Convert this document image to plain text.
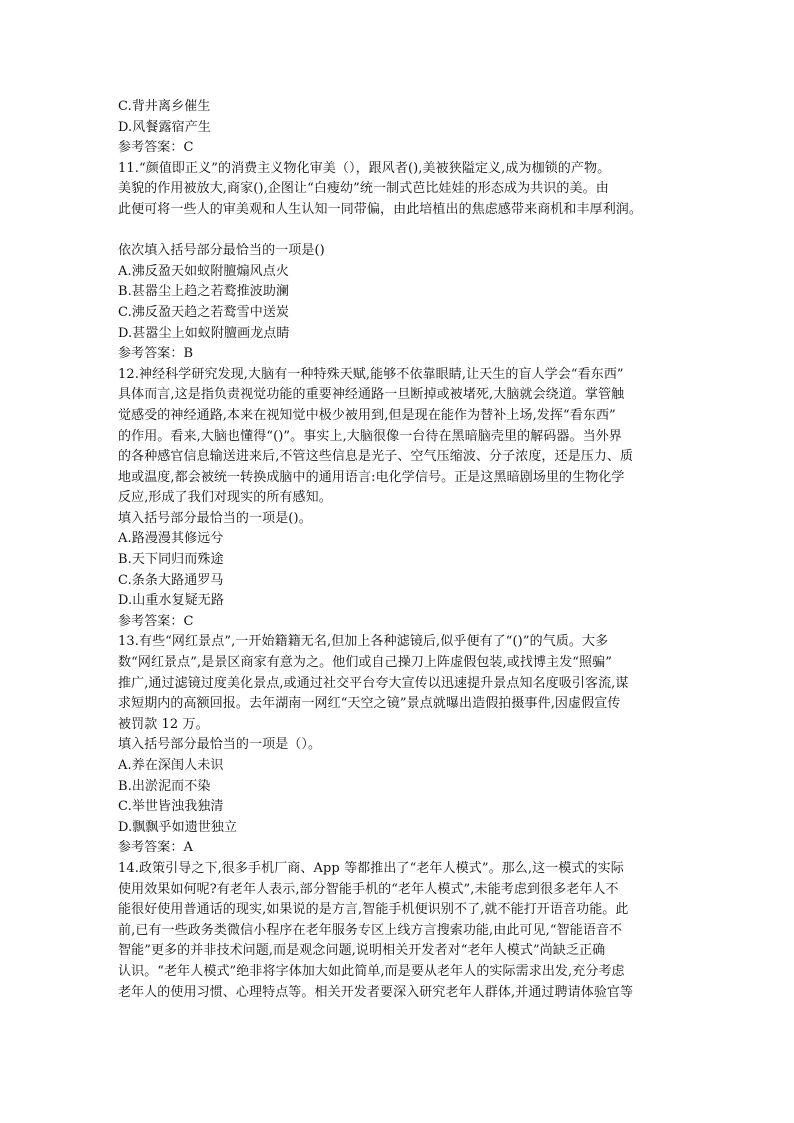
C.背井离乡催生
D.风餐露宿产生
参考答案：C
11.“颜值即正义”的消费主义物化审美（），跟风者(),美被狭隘定义,成为枷锁的产物。
美貌的作用被放大,商家(),企图让“白瘦幼”统一制式芭比娃娃的形态成为共识的美。由
此便可将一些人的审美观和人生认知一同带偏，由此培植出的焦虑感带来商机和丰厚利润。
依次填入括号部分最恰当的一项是()
A.沸反盈天如蚁附膻煽风点火
B.甚嚣尘上趋之若鹜推波助澜
C.沸反盈天趋之若鹜雪中送炭
D.甚嚣尘上如蚁附膻画龙点睛
参考答案：B
12.神经科学研究发现,大脑有一种特殊天赋,能够不依靠眼睛,让天生的盲人学会“看东西”
具体而言,这是指负责视觉功能的重要神经通路一旦断掉或被堵死,大脑就会绕道。掌管触
觉感受的神经通路,本来在视知觉中极少被用到,但是现在能作为替补上场,发挥“看东西”
的作用。看来,大脑也懂得“()”。事实上,大脑很像一台待在黑暗脑壳里的解码器。当外界
的各种感官信息输送进来后,不管这些信息是光子、空气压缩波、分子浓度，还是压力、质
地或温度,都会被统一转换成脑中的通用语言:电化学信号。正是这黑暗剧场里的生物化学
反应,形成了我们对现实的所有感知。
填入括号部分最恰当的一项是()。
A.路漫漫其修远兮
B.天下同归而殊途
C.条条大路通罗马
D.山重水复疑无路
参考答案：C
13.有些“网红景点”,一开始籍籍无名,但加上各种滤镜后,似乎便有了“()”的气质。大多
数“网红景点”,是景区商家有意为之。他们或自己操刀上阵虚假包装,或找博主发“照骗”
推广,通过滤镜过度美化景点,或通过社交平台夸大宣传以迅速提升景点知名度吸引客流,谋
求短期内的高额回报。去年湖南一网红“天空之镜”景点就曝出造假拍摄事件,因虚假宣传
被罚款 12 万。
填入括号部分最恰当的一项是（）。
A.养在深闺人未识
B.出淤泥而不染
C.举世皆浊我独清
D.飘飘乎如遗世独立
参考答案：A
14.政策引导之下,很多手机厂商、App 等都推出了“老年人模式”。那么,这一模式的实际
使用效果如何呢?有老年人表示,部分智能手机的“老年人模式”,未能考虑到很多老年人不
能很好使用普通话的现实,如果说的是方言,智能手机便识别不了,就不能打开语音功能。此
前,已有一些政务类微信小程序在老年服务专区上线方言搜索功能,由此可见,“智能语音不
智能”更多的并非技术问题,而是观念问题,说明相关开发者对“老年人模式”尚缺乏正确
认识。“老年人模式”绝非将字体加大如此简单,而是要从老年人的实际需求出发,充分考虑
老年人的使用习惯、心理特点等。相关开发者要深入研究老年人群体,并通过聘请体验官等
